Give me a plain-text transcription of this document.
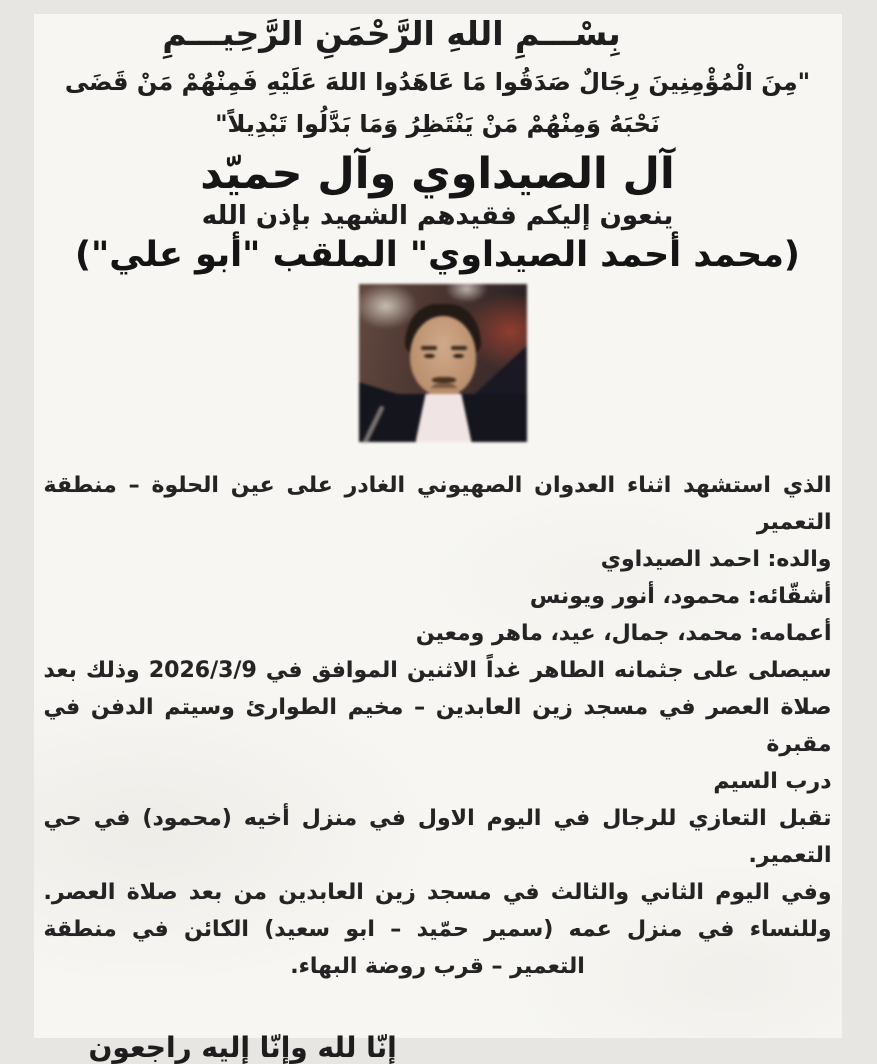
بِسْـــمِ اللهِ الرَّحْمَنِ الرَّحِيـــمِ

"مِنَ الْمُؤْمِنِينَ رِجَالٌ صَدَقُوا مَا عَاهَدُوا اللهَ عَلَيْهِ فَمِنْهُمْ مَنْ قَضَى

نَحْبَهُ وَمِنْهُمْ مَنْ يَنْتَظِرُ وَمَا بَدَّلُوا تَبْدِيلاً"

آل الصيداوي وآل حميّد
ينعون إليكم فقيدهم الشهيد بإذن الله
(محمد أحمد الصيداوي" الملقب "أبو علي")

الذي استشهد اثناء العدوان الصهيوني الغادر على عين الحلوة – منطقة التعمير

والده: احمد الصيداوي

أشقّائه: محمود، أنور ويونس

أعمامه: محمد، جمال، عيد، ماهر ومعين

سيصلى على جثمانه الطاهر غداً الاثنين الموافق في 2026/3/9 وذلك بعد

صلاة العصر في مسجد زين العابدين – مخيم الطوارئ وسيتم الدفن في مقبرة

درب السيم

تقبل التعازي للرجال في اليوم الاول في منزل أخيه (محمود) في حي التعمير.

وفي اليوم الثاني والثالث في مسجد زين العابدين من بعد صلاة العصر.

وللنساء في منزل عمه (سمير حمّيد – ابو سعيد) الكائن في منطقة

التعمير – قرب روضة البهاء.

إنّا لله وإنّا إليه راجعون
